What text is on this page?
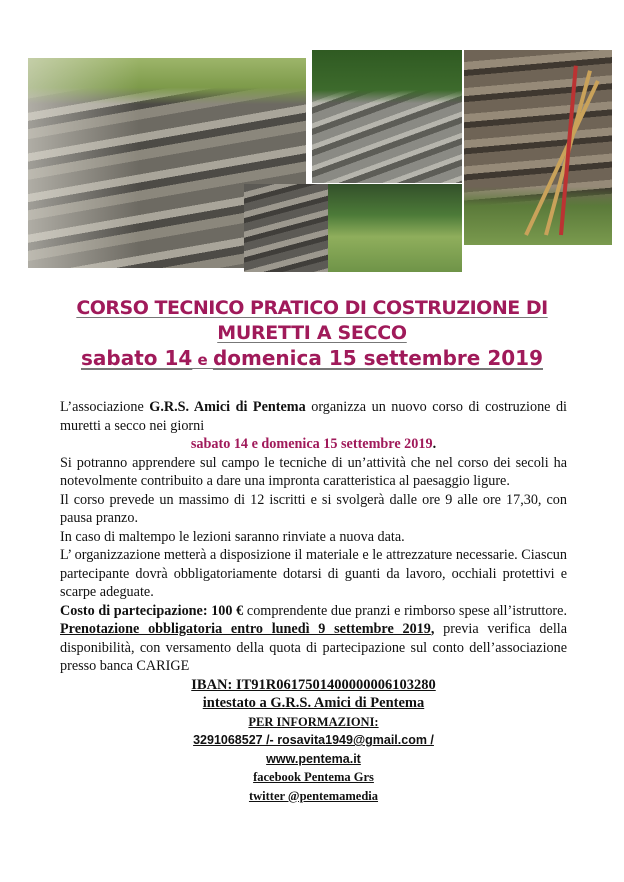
CORSO TECNICO PRATICO DI COSTRUZIONE DI
MURETTI A SECCO
sabato 14 e domenica 15 settembre 2019

L’associazione G.R.S. Amici di Pentema organizza un nuovo corso di costruzione di muretti a secco nei giorni

sabato 14 e domenica 15 settembre 2019.

Si potranno apprendere sul campo le tecniche di un’attività che nel corso dei secoli ha notevolmente contribuito a dare una impronta caratteristica al paesaggio ligure.

Il corso prevede un massimo di 12 iscritti e si svolgerà dalle ore 9 alle ore 17,30, con pausa pranzo.

In caso di maltempo le lezioni saranno rinviate a nuova data.

L’ organizzazione metterà a disposizione il materiale e le attrezzature necessarie. Ciascun partecipante dovrà obbligatoriamente dotarsi di guanti da lavoro, occhiali protettivi e scarpe adeguate.

Costo di partecipazione: 100 € comprendente due pranzi e rimborso spese all’istruttore. Prenotazione obbligatoria entro lunedì 9 settembre 2019, previa verifica della disponibilità, con versamento della quota di partecipazione sul conto dell’associazione presso banca CARIGE

IBAN: IT91R0617501400000006103280
intestato a G.R.S. Amici di Pentema
PER INFORMAZIONI:
3291068527 /- rosavita1949@gmail.com /
www.pentema.it
facebook Pentema Grs
twitter @pentemamedia
